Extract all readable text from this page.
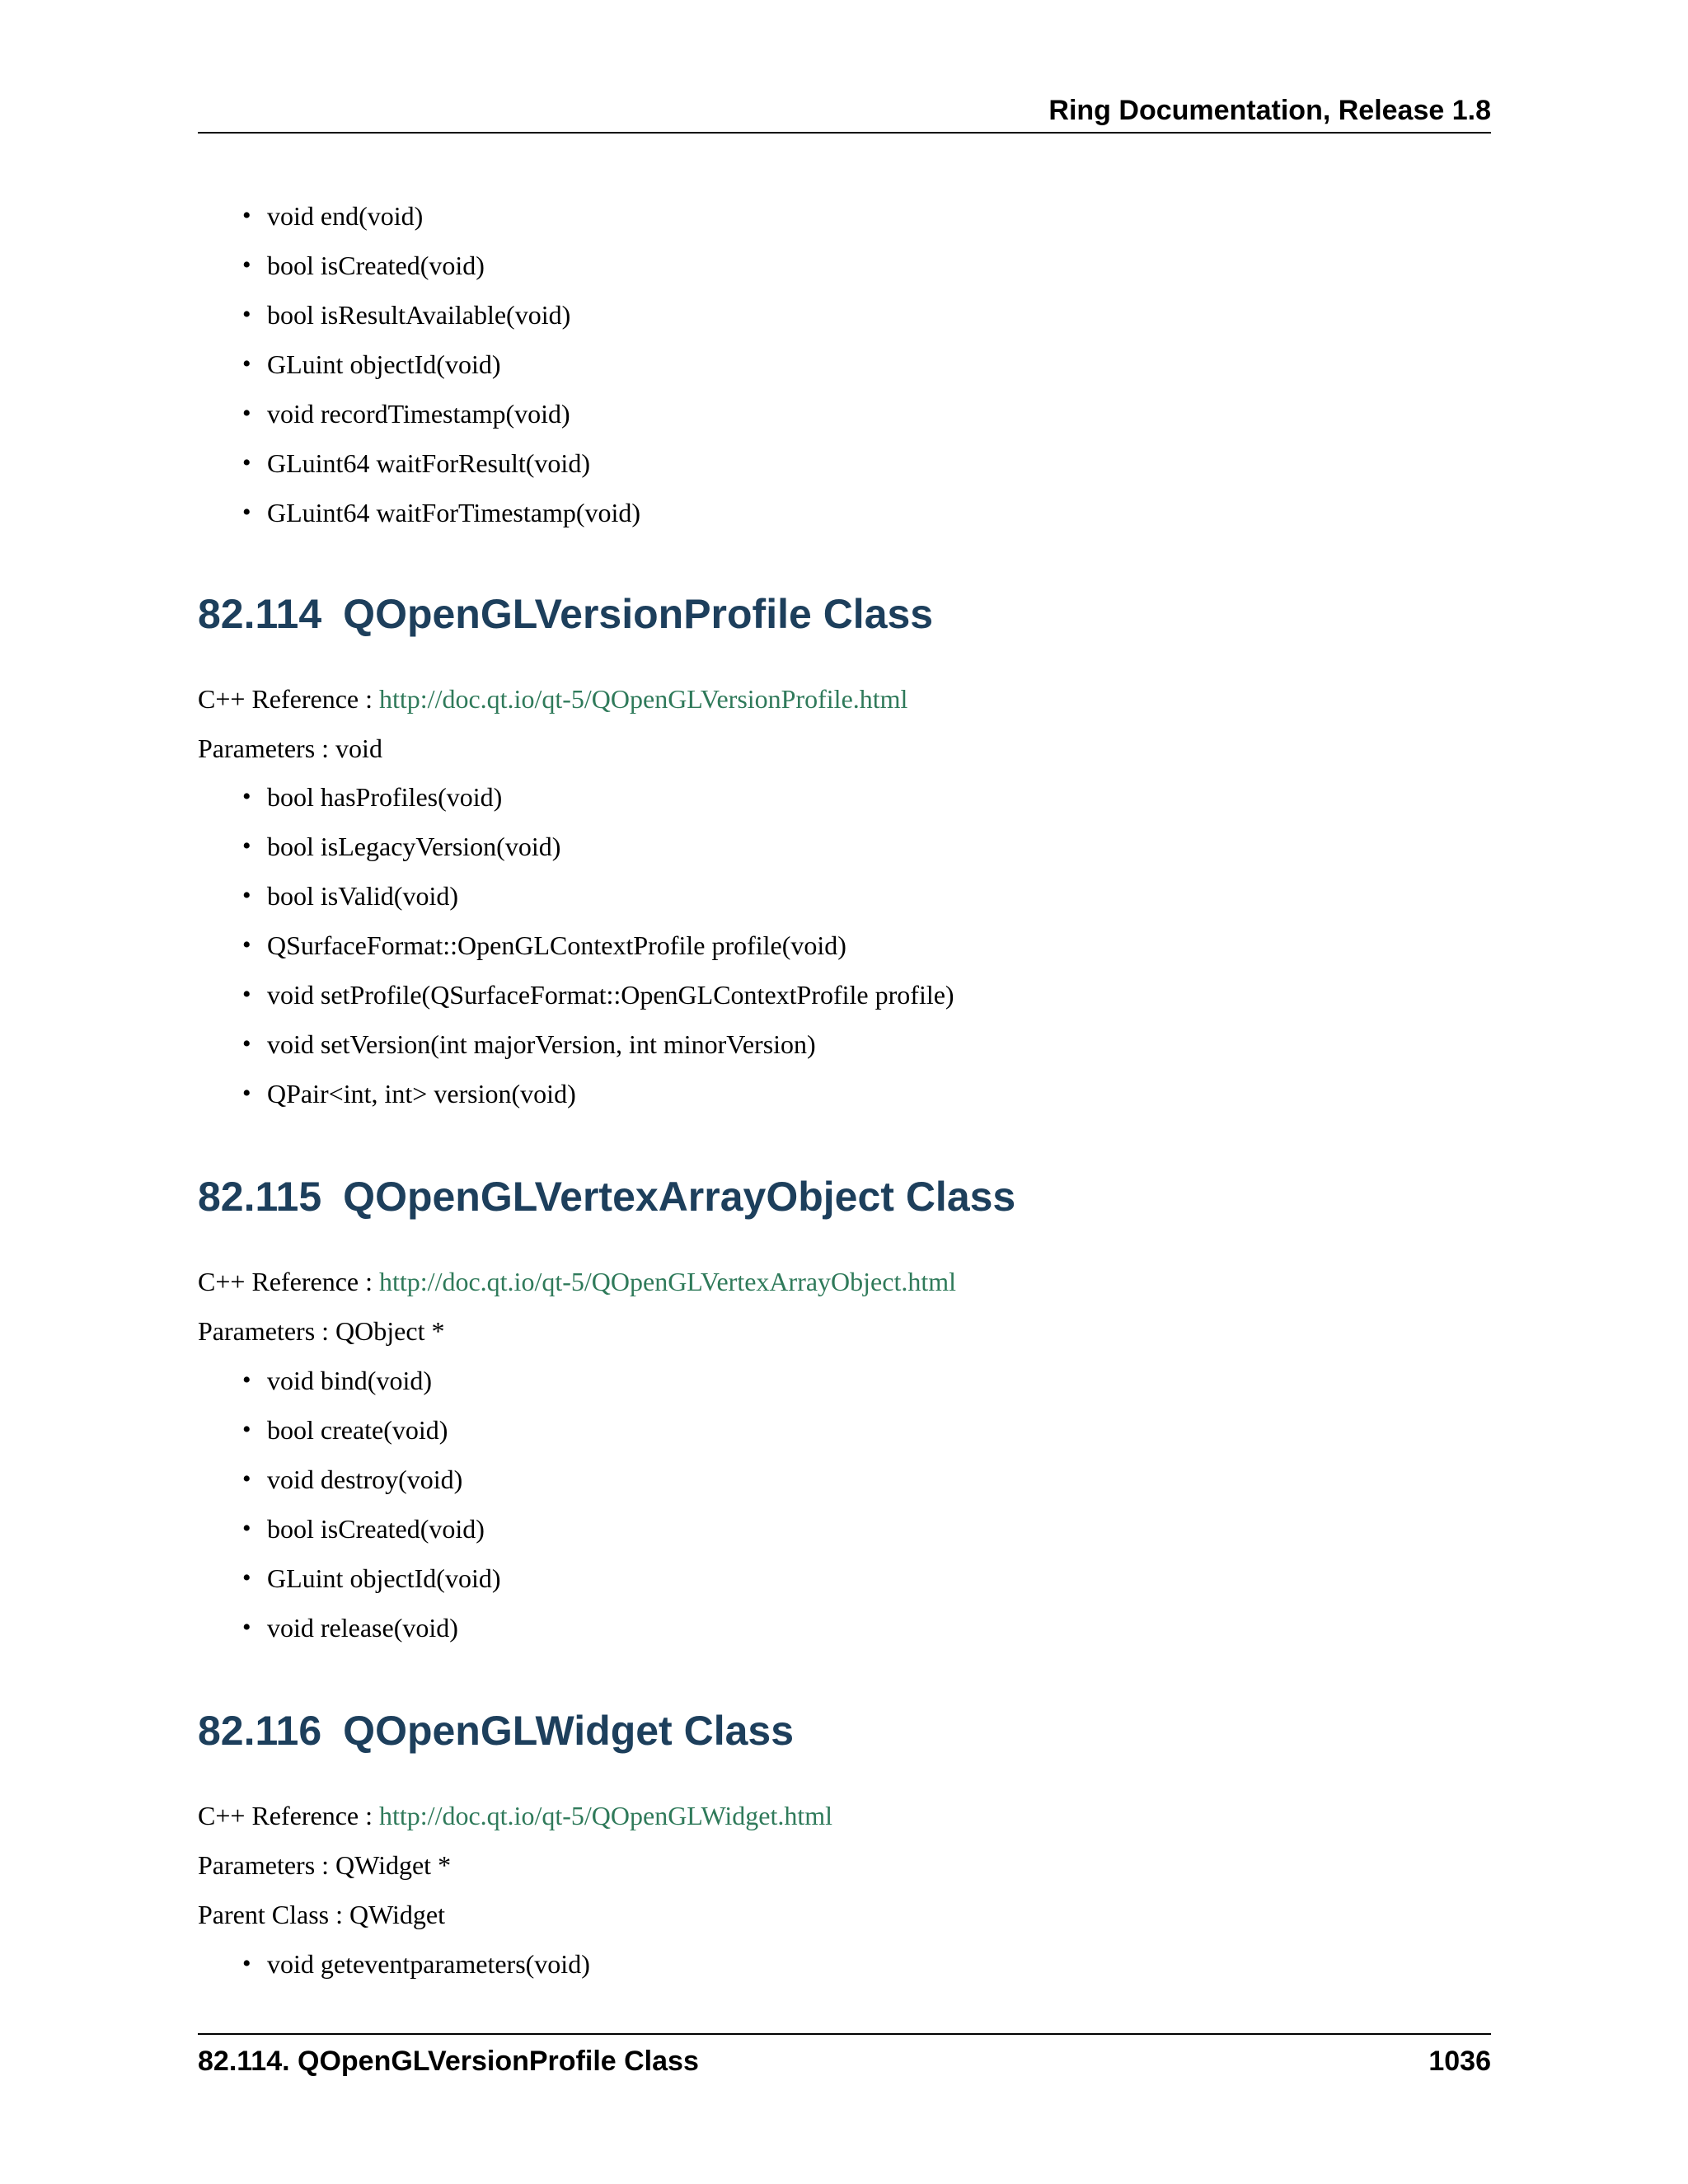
Ring Documentation, Release 1.8
• void end(void)
• bool isCreated(void)
• bool isResultAvailable(void)
• GLuint objectId(void)
• void recordTimestamp(void)
• GLuint64 waitForResult(void)
• GLuint64 waitForTimestamp(void)
82.114 QOpenGLVersionProfile Class
C++ Reference : http://doc.qt.io/qt-5/QOpenGLVersionProfile.html
Parameters : void
• bool hasProfiles(void)
• bool isLegacyVersion(void)
• bool isValid(void)
• QSurfaceFormat::OpenGLContextProfile profile(void)
• void setProfile(QSurfaceFormat::OpenGLContextProfile profile)
• void setVersion(int majorVersion, int minorVersion)
• QPair<int, int> version(void)
82.115 QOpenGLVertexArrayObject Class
C++ Reference : http://doc.qt.io/qt-5/QOpenGLVertexArrayObject.html
Parameters : QObject *
• void bind(void)
• bool create(void)
• void destroy(void)
• bool isCreated(void)
• GLuint objectId(void)
• void release(void)
82.116 QOpenGLWidget Class
C++ Reference : http://doc.qt.io/qt-5/QOpenGLWidget.html
Parameters : QWidget *
Parent Class : QWidget
• void geteventparameters(void)
82.114. QOpenGLVersionProfile Class	1036
